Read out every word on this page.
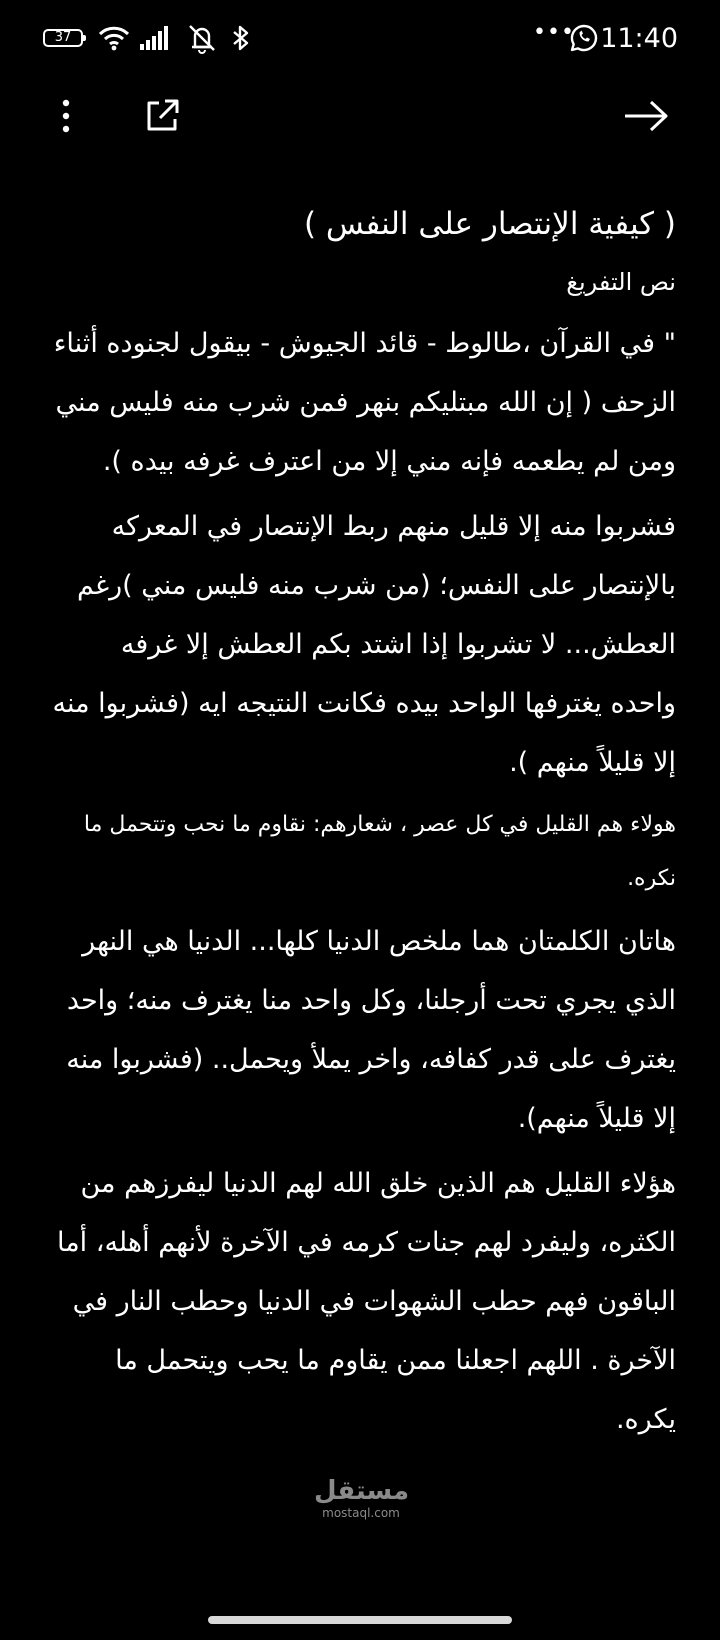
37	••• 11:40
( كيفية الإنتصار على النفس )

نص التفريغ

" في القرآن ،طالوط - قائد الجيوش - بيقول لجنوده أثناء الزحف ( إن الله مبتليكم بنهر فمن شرب منه فليس مني ومن لم يطعمه فإنه مني إلا من اعترف غرفه بيده ).

فشربوا منه إلا قليل منهم ربط الإنتصار في المعركه بالإنتصار على النفس؛ (من شرب منه فليس مني )رغم العطش... لا تشربوا إذا اشتد بكم العطش إلا غرفه واحده يغترفها الواحد بيده فكانت النتيجه ايه (فشربوا منه إلا قليلاً منهم ).

هولاء هم القليل في كل عصر ، شعارهم: نقاوم ما نحب وتتحمل ما نكره.

هاتان الكلمتان هما ملخص الدنيا كلها... الدنيا هي النهر الذي يجري تحت أرجلنا، وكل واحد منا يغترف منه؛ واحد يغترف على قدر كفافه، واخر يملأ ويحمل.. (فشربوا منه إلا قليلاً منهم).

هؤلاء القليل هم الذين خلق الله لهم الدنيا ليفرزهم من الكثره، وليفرد لهم جنات كرمه في الآخرة لأنهم أهله، أما الباقون فهم حطب الشهوات في الدنيا وحطب النار في الآخرة . اللهم اجعلنا ممن يقاوم ما يحب ويتحمل ما يكره.

مستقل
mostaql.com
